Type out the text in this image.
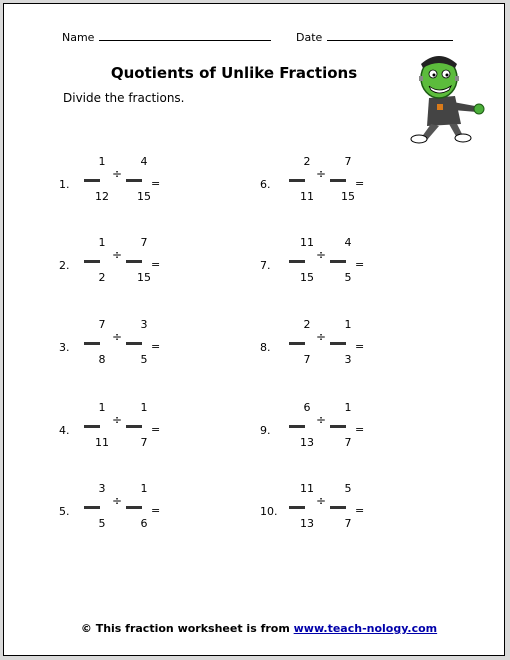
Name	Date
Quotients of Unlike Fractions
Divide the fractions.
1.
1
12
÷
4
15
=
2.
1
2
÷
7
15
=
3.
7
8
÷
3
5
=
4.
1
11
÷
1
7
=
5.
3
5
÷
1
6
=
6.
2
11
÷
7
15
=
7.
11
15
÷
4
5
=
8.
2
7
÷
1
3
=
9.
6
13
÷
1
7
=
10.
11
13
÷
5
7
=
© This fraction worksheet is from www.teach-nology.com
